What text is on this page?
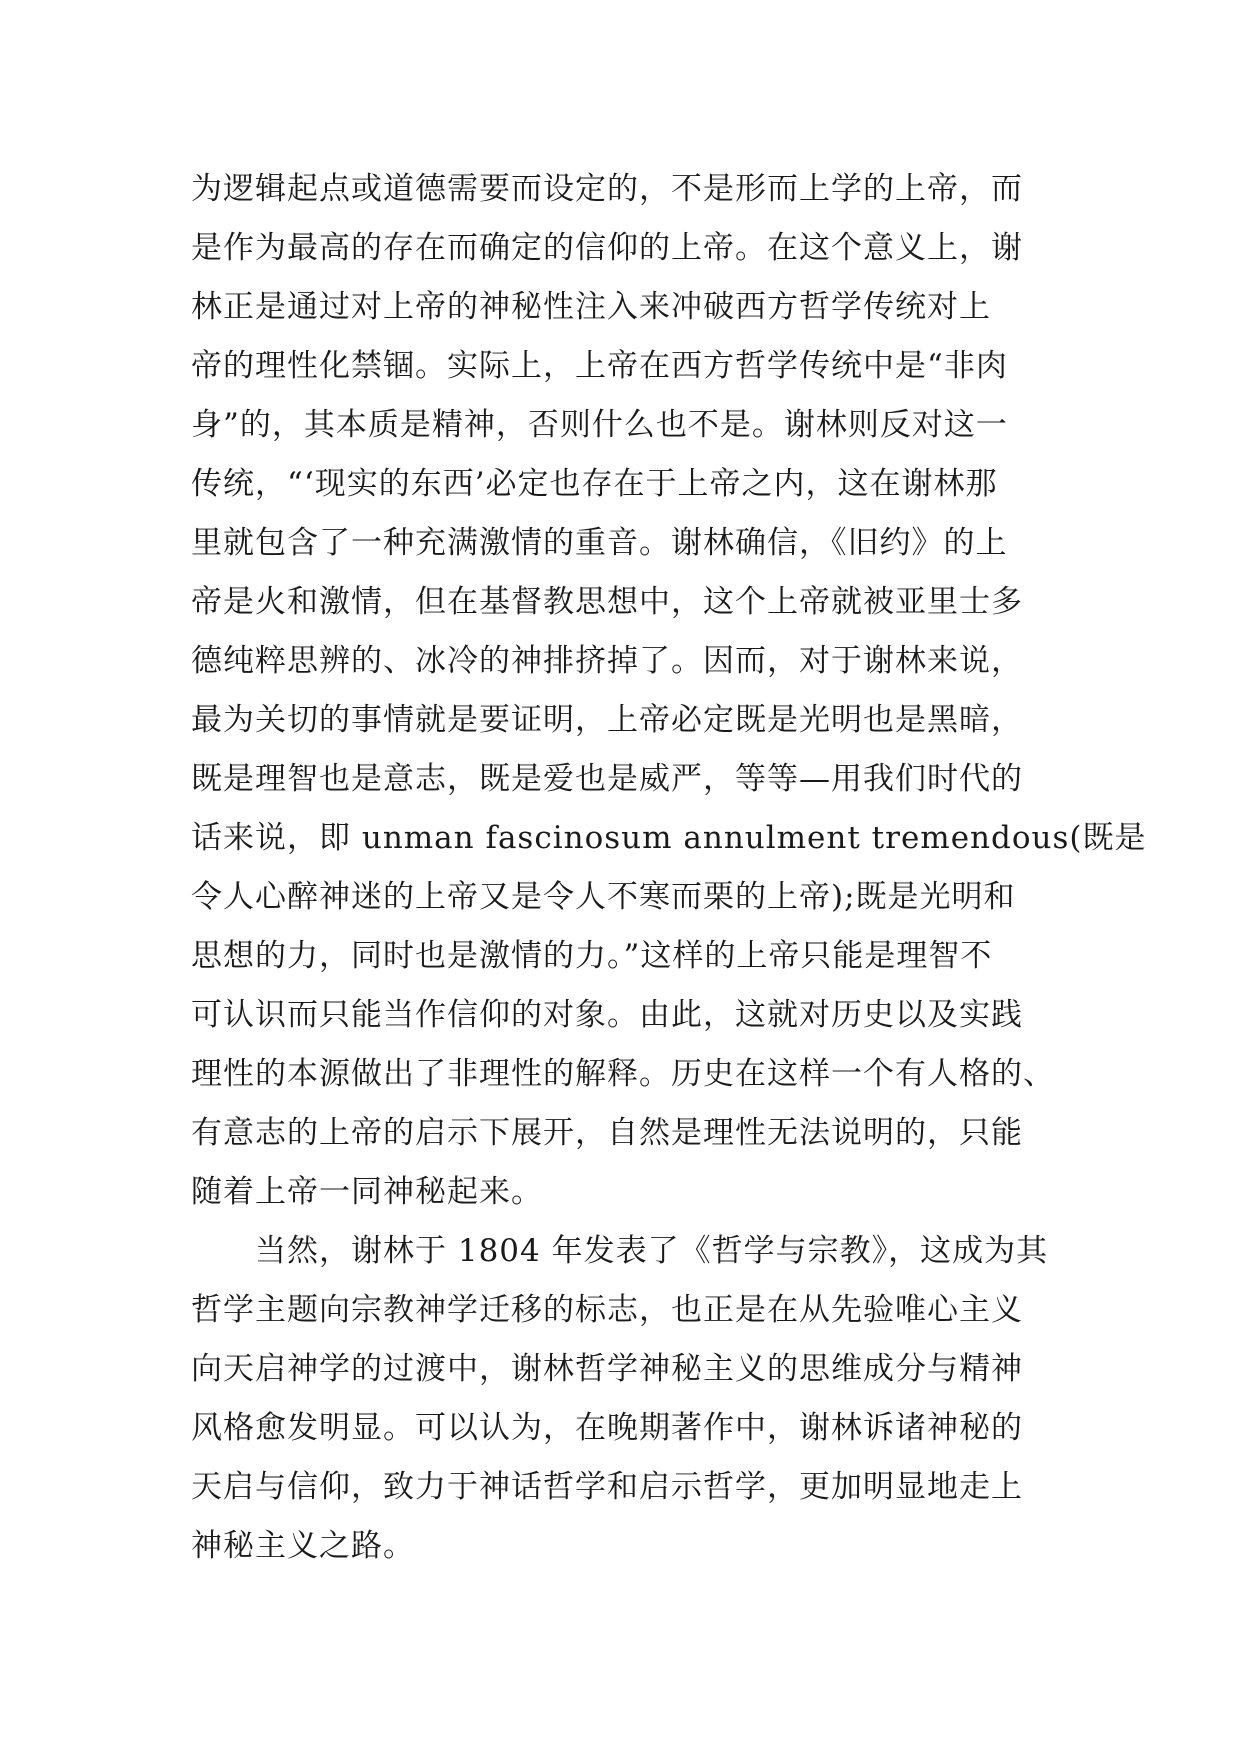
为逻辑起点或道德需要而设定的，不是形而上学的上帝，而
是作为最高的存在而确定的信仰的上帝。在这个意义上，谢
林正是通过对上帝的神秘性注入来冲破西方哲学传统对上
帝的理性化禁锢。实际上，上帝在西方哲学传统中是“非肉
身”的，其本质是精神，否则什么也不是。谢林则反对这一
传统，“‘现实的东西’必定也存在于上帝之内，这在谢林那
里就包含了一种充满激情的重音。谢林确信，《旧约》的上
帝是火和激情，但在基督教思想中，这个上帝就被亚里士多
德纯粹思辨的、冰冷的神排挤掉了。因而，对于谢林来说，
最为关切的事情就是要证明，上帝必定既是光明也是黑暗，
既是理智也是意志，既是爱也是威严，等等—用我们时代的
话来说，即 unman fascinosum annulment tremendous(既是
令人心醉神迷的上帝又是令人不寒而栗的上帝);既是光明和
思想的力，同时也是激情的力。”这样的上帝只能是理智不
可认识而只能当作信仰的对象。由此，这就对历史以及实践
理性的本源做出了非理性的解释。历史在这样一个有人格的、
有意志的上帝的启示下展开，自然是理性无法说明的，只能
随着上帝一同神秘起来。
当然，谢林于 1804 年发表了《哲学与宗教》，这成为其
哲学主题向宗教神学迁移的标志，也正是在从先验唯心主义
向天启神学的过渡中，谢林哲学神秘主义的思维成分与精神
风格愈发明显。可以认为，在晚期著作中，谢林诉诸神秘的
天启与信仰，致力于神话哲学和启示哲学，更加明显地走上
神秘主义之路。
